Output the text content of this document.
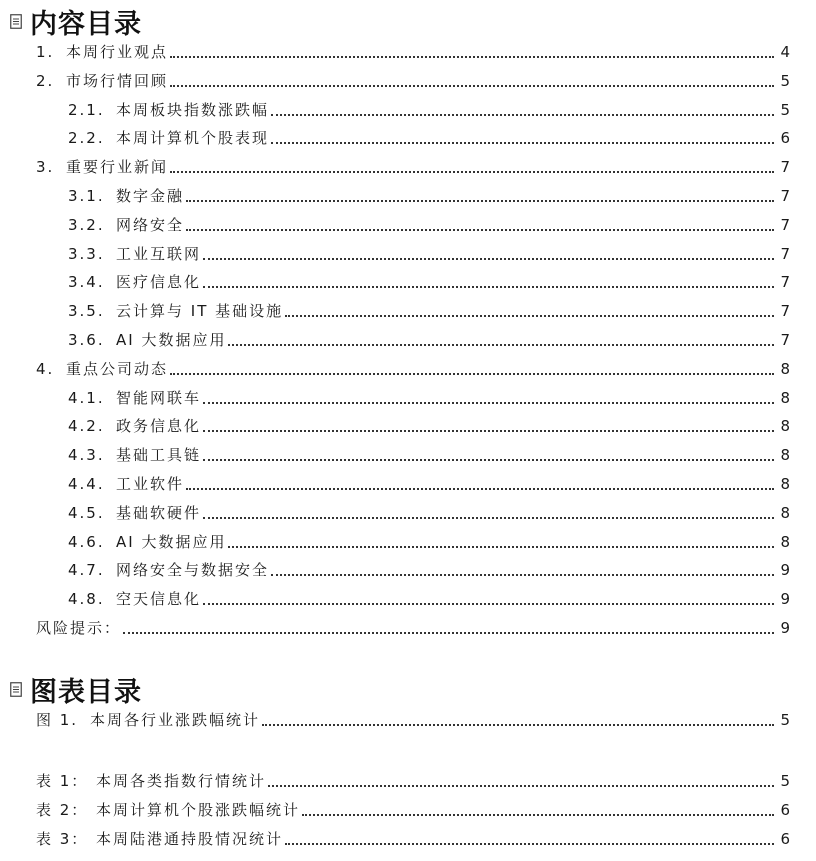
内容目录
1. 本周行业观点	4
2. 市场行情回顾	5
2.1. 本周板块指数涨跌幅	5
2.2. 本周计算机个股表现	6
3. 重要行业新闻	7
3.1. 数字金融	7
3.2. 网络安全	7
3.3. 工业互联网	7
3.4. 医疗信息化	7
3.5. 云计算与 IT 基础设施	7
3.6. AI 大数据应用	7
4. 重点公司动态	8
4.1. 智能网联车	8
4.2. 政务信息化	8
4.3. 基础工具链	8
4.4. 工业软件	8
4.5. 基础软硬件	8
4.6. AI 大数据应用	8
4.7. 网络安全与数据安全	9
4.8. 空天信息化	9
风险提示：	9
图表目录
图 1. 本周各行业涨跌幅统计	5
表 1： 本周各类指数行情统计	5
表 2： 本周计算机个股涨跌幅统计	6
表 3： 本周陆港通持股情况统计	6
